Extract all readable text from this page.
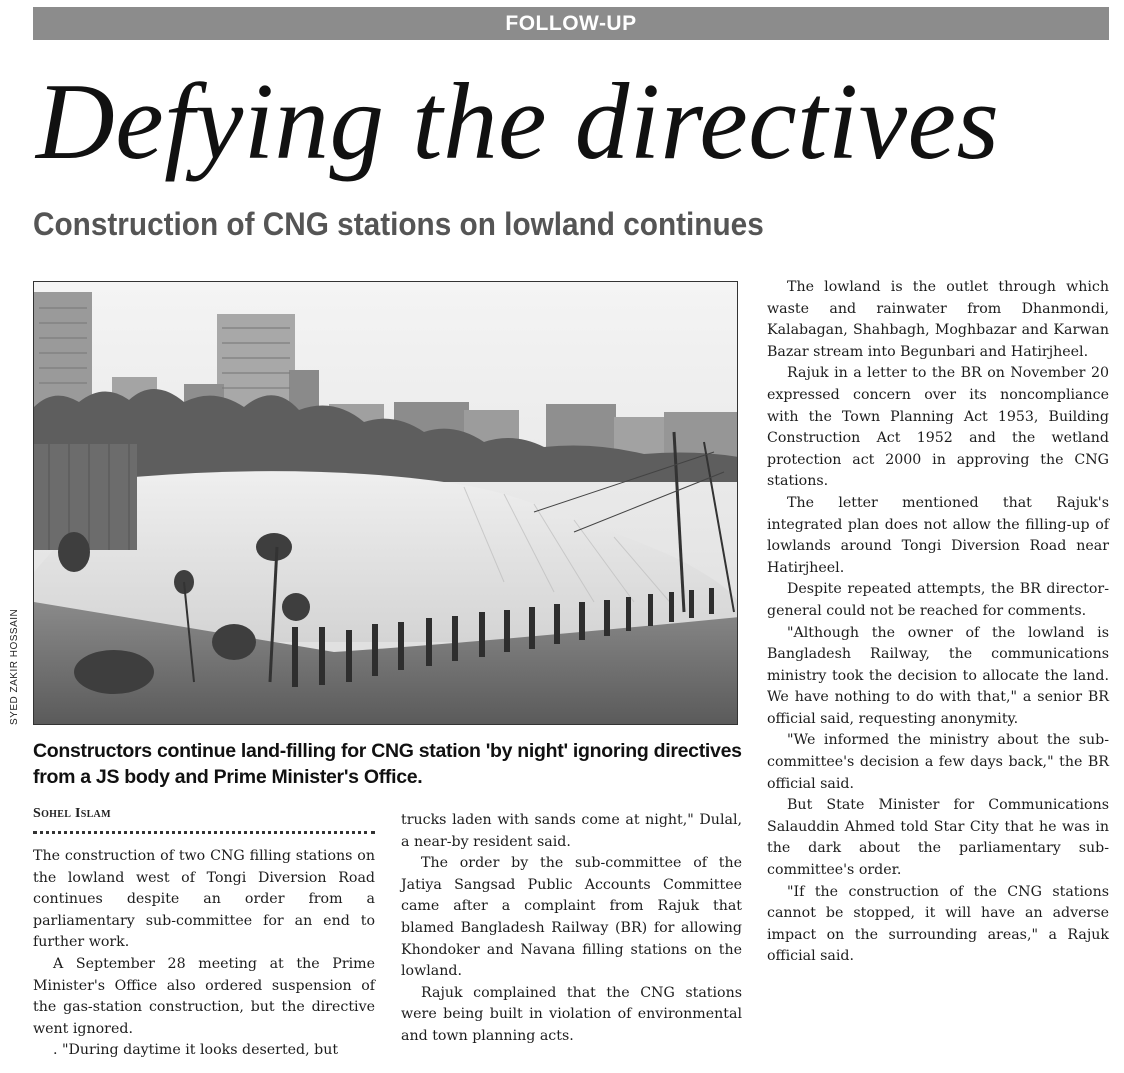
FOLLOW-UP
Defying the directives
Construction of CNG stations on lowland continues
SYED ZAKIR HOSSAIN

Constructors continue land-filling for CNG station 'by night' ignoring directives from a JS body and Prime Minister's Office.

Sohel Islam

The construction of two CNG filling stations on the lowland west of Tongi Diversion Road continues despite an order from a parliamentary sub-committee for an end to further work.

A September 28 meeting at the Prime Minister's Office also ordered suspension of the gas-station construction, but the directive went ignored.

. "During daytime it looks deserted, but

trucks laden with sands come at night," Dulal, a near-by resident said.

The order by the sub-committee of the Jatiya Sangsad Public Accounts Committee came after a complaint from Rajuk that blamed Bangladesh Railway (BR) for allowing Khondoker and Navana filling stations on the lowland.

Rajuk complained that the CNG stations were being built in violation of environmental and town planning acts.

The lowland is the outlet through which waste and rainwater from Dhanmondi, Kalabagan, Shahbagh, Moghbazar and Karwan Bazar stream into Begunbari and Hatirjheel.

Rajuk in a letter to the BR on November 20 expressed concern over its noncompliance with the Town Planning Act 1953, Building Construction Act 1952 and the wetland protection act 2000 in approving the CNG stations.

The letter mentioned that Rajuk's integrated plan does not allow the filling-up of lowlands around Tongi Diversion Road near Hatirjheel.

Despite repeated attempts, the BR director-general could not be reached for comments.

"Although the owner of the lowland is Bangladesh Railway, the communications ministry took the decision to allocate the land. We have nothing to do with that," a senior BR official said, requesting anonymity.

"We informed the ministry about the sub-committee's decision a few days back," the BR official said.

But State Minister for Communications Salauddin Ahmed told Star City that he was in the dark about the parliamentary sub-committee's order.

"If the construction of the CNG stations cannot be stopped, it will have an adverse impact on the surrounding areas," a Rajuk official said.
